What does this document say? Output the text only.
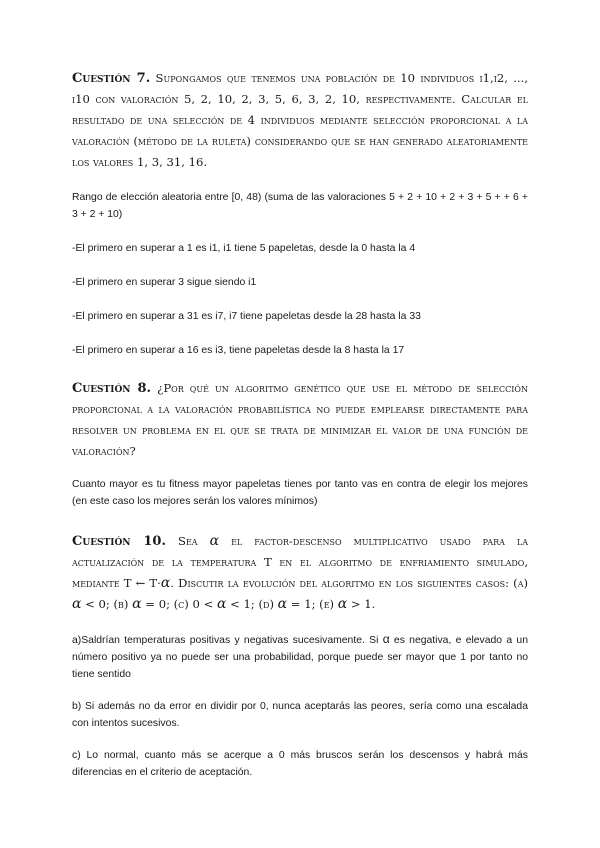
Cuestión 7. Supongamos que tenemos una población de 10 individuos i1,i2, ..., i10 con valoración 5, 2, 10, 2, 3, 5, 6, 3, 2, 10, respectivamente. Calcular el resultado de una selección de 4 individuos mediante selección proporcional a la valoración (método de la ruleta) considerando que se han generado aleatoriamente los valores 1, 3, 31, 16.

Rango de elección aleatoria entre [0, 48) (suma de las valoraciones 5 + 2 + 10 + 2 + 3 + 5 + + 6 + 3 + 2 + 10)

-El primero en superar a 1 es i1, i1 tiene 5 papeletas, desde la 0 hasta la 4

-El primero en superar 3 sigue siendo i1

-El primero en superar a 31 es i7, i7 tiene papeletas desde la 28 hasta la 33

-El primero en superar a 16 es i3, tiene papeletas desde la 8 hasta la 17

Cuestión 8. ¿Por qué un algoritmo genético que use el método de selección proporcional a la valoración probabilística no puede emplearse directamente para resolver un problema en el que se trata de minimizar el valor de una función de valoración?

Cuanto mayor es tu fitness mayor papeletas tienes por tanto vas en contra de elegir los mejores (en este caso los mejores serán los valores mínimos)

Cuestión 10. Sea α el factor-descenso multiplicativo usado para la actualización de la temperatura T en el algoritmo de enfriamiento simulado, mediante T ← T·α. Discutir la evolución del algoritmo en los siguientes casos: (a) α < 0; (b) α = 0; (c) 0 < α < 1; (d) α = 1; (e) α > 1.

a)Saldrían temperaturas positivas y negativas sucesivamente. Si α es negativa, e elevado a un número positivo ya no puede ser una probabilidad, porque puede ser mayor que 1 por tanto no tiene sentido

b) Si además no da error en dividir por 0, nunca aceptarás las peores, sería como una escalada con intentos sucesivos.

c) Lo normal, cuanto más se acerque a 0 más bruscos serán los descensos y habrá más diferencias en el criterio de aceptación.
